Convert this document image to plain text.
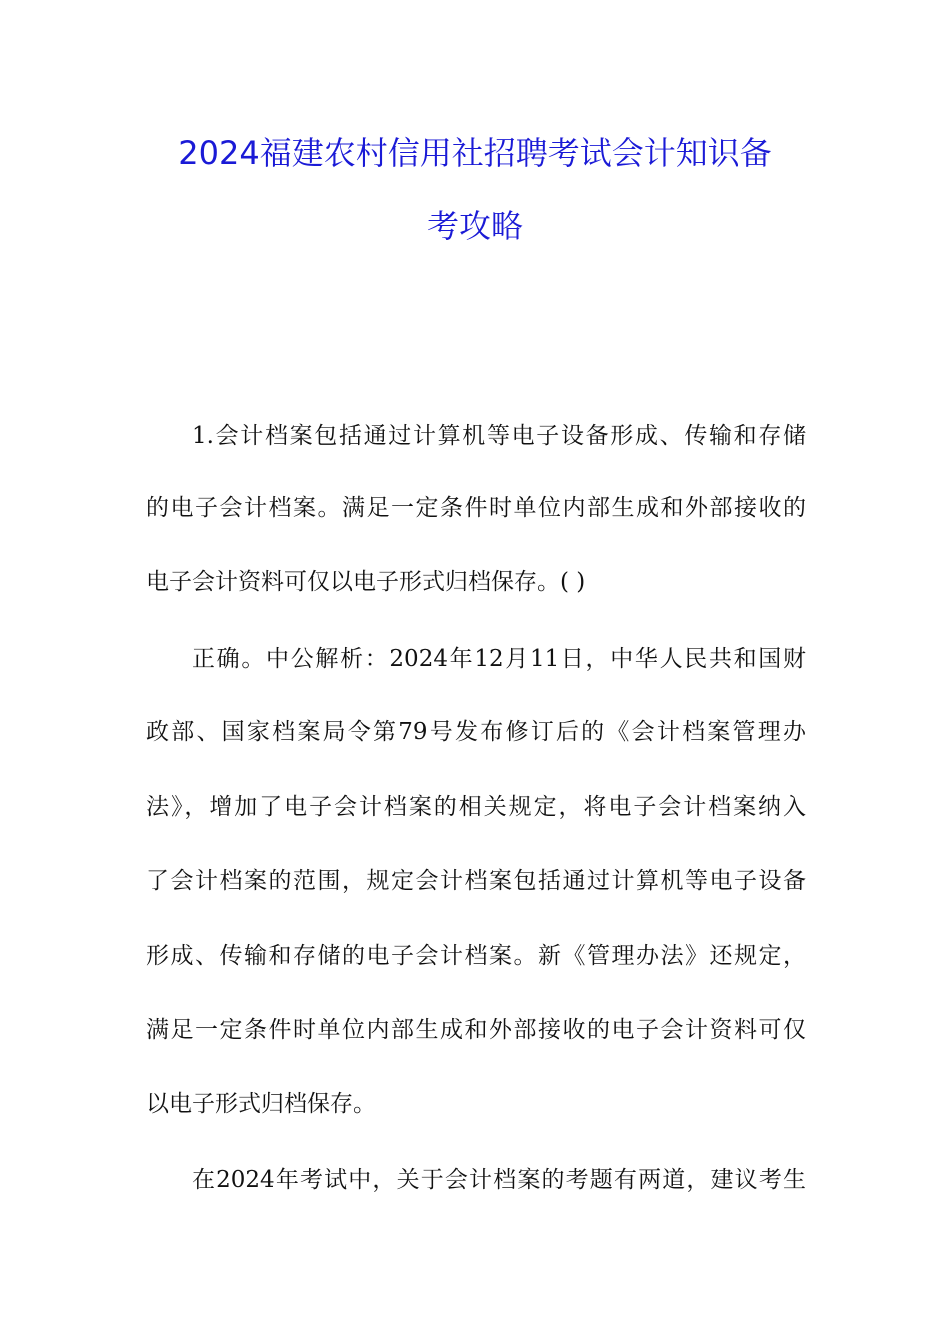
2024福建农村信用社招聘考试会计知识备
考攻略
1.会计档案包括通过计算机等电子设备形成、传输和存储
的电子会计档案。满足一定条件时单位内部生成和外部接收的
电子会计资料可仅以电子形式归档保存。( )
正确。中公解析：2024年12月11日，中华人民共和国财
政部、国家档案局令第79号发布修订后的《会计档案管理办
法》，增加了电子会计档案的相关规定，将电子会计档案纳入
了会计档案的范围，规定会计档案包括通过计算机等电子设备
形成、传输和存储的电子会计档案。新《管理办法》还规定，
满足一定条件时单位内部生成和外部接收的电子会计资料可仅
以电子形式归档保存。
在2024年考试中，关于会计档案的考题有两道，建议考生
